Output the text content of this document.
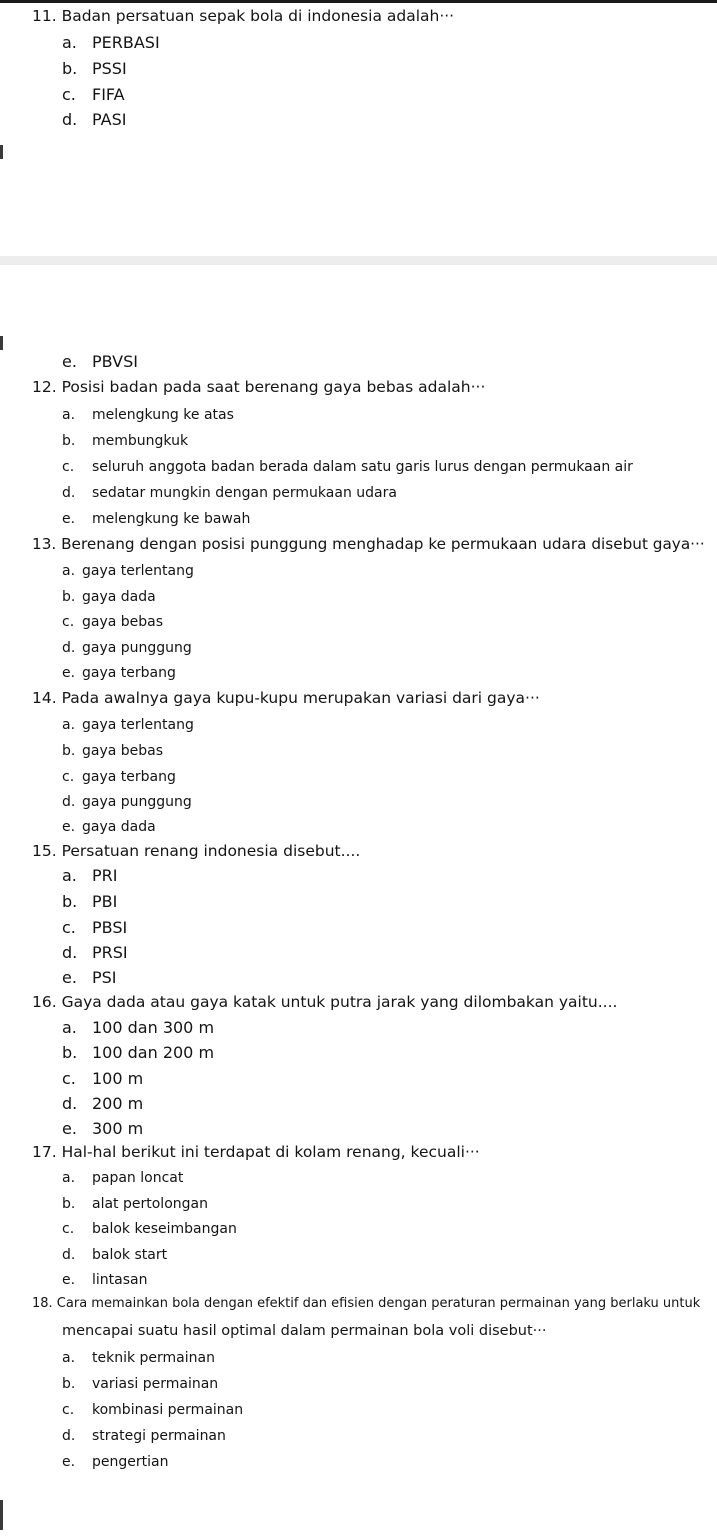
11. Badan persatuan sepak bola di indonesia adalah···
a. PERBASI
b. PSSI
c. FIFA
d. PASI
e. PBVSI
12. Posisi badan pada saat berenang gaya bebas adalah···
a. melengkung ke atas
b. membungkuk
c. seluruh anggota badan berada dalam satu garis lurus dengan permukaan air
d. sedatar mungkin dengan permukaan udara
e. melengkung ke bawah
13. Berenang dengan posisi punggung menghadap ke permukaan udara disebut gaya···
a. gaya terlentang
b. gaya dada
c. gaya bebas
d. gaya punggung
e. gaya terbang
14. Pada awalnya gaya kupu-kupu merupakan variasi dari gaya···
a. gaya terlentang
b. gaya bebas
c. gaya terbang
d. gaya punggung
e. gaya dada
15. Persatuan renang indonesia disebut....
a. PRI
b. PBI
c. PBSI
d. PRSI
e. PSI
16. Gaya dada atau gaya katak untuk putra jarak yang dilombakan yaitu....
a. 100 dan 300 m
b. 100 dan 200 m
c. 100 m
d. 200 m
e. 300 m
17. Hal-hal berikut ini terdapat di kolam renang, kecuali···
a. papan loncat
b. alat pertolongan
c. balok keseimbangan
d. balok start
e. lintasan
18. Cara memainkan bola dengan efektif dan efisien dengan peraturan permainan yang berlaku untuk
mencapai suatu hasil optimal dalam permainan bola voli disebut···
a. teknik permainan
b. variasi permainan
c. kombinasi permainan
d. strategi permainan
e. pengertian
